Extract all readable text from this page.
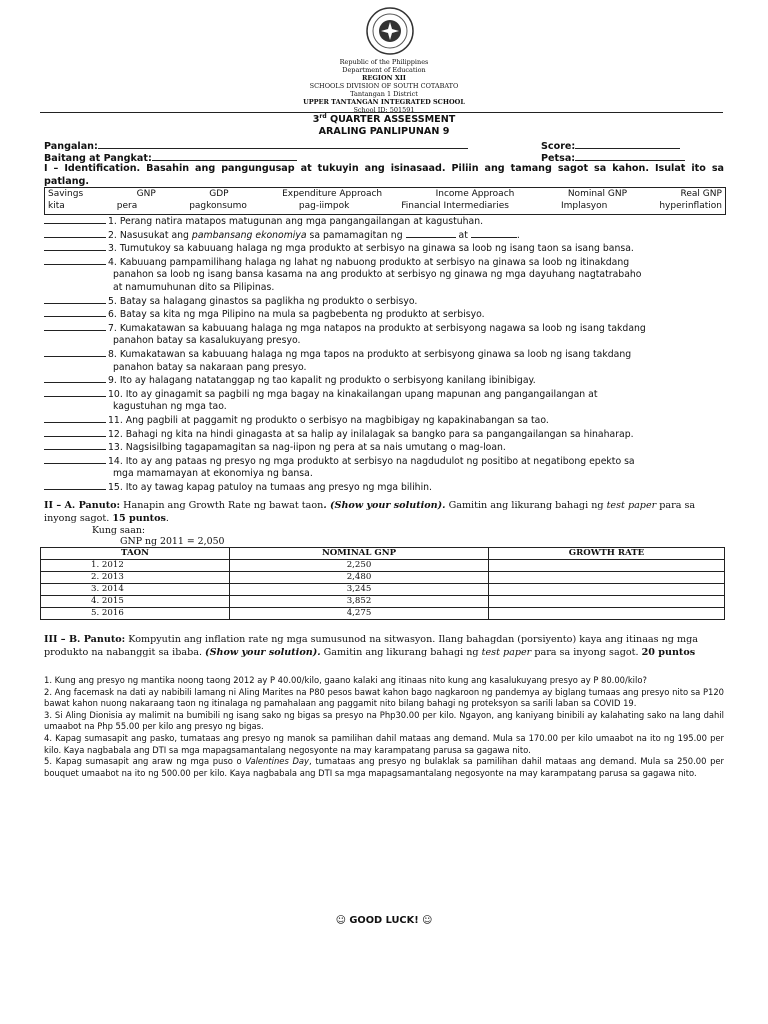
Republic of the Philippines
Department of Education
REGION XII
SCHOOLS DIVISION OF SOUTH COTABATO
Tantangan 1 District
UPPER TANTANGAN INTEGRATED SCHOOL
School ID: 501591
3rd QUARTER ASSESSMENT
ARALING PANLIPUNAN 9
Pangalan:	Score:
Baitang at Pangkat:	Petsa:
I – Identification. Basahin ang pangungusap at tukuyin ang isinasaad. Piliin ang tamang sagot sa kahon. Isulat ito sa patlang.
Savings	GNP	GDP	Expenditure Approach	Income Approach	Nominal GNP	Real GNP
kita	pera	pagkonsumo	pag-iimpok	Financial Intermediaries	Implasyon	hyperinflation
1. Perang natira matapos matugunan ang mga pangangailangan at kagustuhan.
2. Nasusukat ang pambansang ekonomiya sa pamamagitan ng	at	.
3. Tumutukoy sa kabuuang halaga ng mga produkto at serbisyo na ginawa sa loob ng isang taon sa isang bansa.
4. Kabuuang pampamilihang halaga ng lahat ng nabuong produkto at serbisyo na ginawa sa loob ng itinakdang
panahon sa loob ng isang bansa kasama na ang produkto at serbisyo ng ginawa ng mga dayuhang nagtatrabaho
at namumuhunan dito sa Pilipinas.
5. Batay sa halagang ginastos sa paglikha ng produkto o serbisyo.
6. Batay sa kita ng mga Pilipino na mula sa pagbebenta ng produkto at serbisyo.
7. Kumakatawan sa kabuuang halaga ng mga natapos na produkto at serbisyong nagawa sa loob ng isang takdang
panahon batay sa kasalukuyang presyo.
8. Kumakatawan sa kabuuang halaga ng mga tapos na produkto at serbisyong ginawa sa loob ng isang takdang
panahon batay sa nakaraan pang presyo.
9. Ito ay halagang natatanggap ng tao kapalit ng produkto o serbisyong kanilang ibinibigay.
10. Ito ay ginagamit sa pagbili ng mga bagay na kinakailangan upang mapunan ang pangangailangan at
kagustuhan ng mga tao.
11. Ang pagbili at paggamit ng produkto o serbisyo na magbibigay ng kapakinabangan sa tao.
12. Bahagi ng kita na hindi ginagasta at sa halip ay inilalagak sa bangko para sa pangangailangan sa hinaharap.
13. Nagsisilbing tagapamagitan sa nag-iipon ng pera at sa nais umutang o mag-loan.
14. Ito ay ang pataas ng presyo ng mga produkto at serbisyo na nagdudulot ng positibo at negatibong epekto sa
mga mamamayan at ekonomiya ng bansa.
15. Ito ay tawag kapag patuloy na tumaas ang presyo ng mga bilihin.
II – A. Panuto: Hanapin ang Growth Rate ng bawat taon. (Show your solution). Gamitin ang likurang bahagi ng test paper para sa inyong sagot. 15 puntos.
Kung saan:
GNP ng 2011 = 2,050
TAON	NOMINAL GNP	GROWTH RATE
1. 2012	2,250	
2. 2013	2,480	
3. 2014	3,245	
4. 2015	3,852	
5. 2016	4,275	
III – B. Panuto: Kompyutin ang inflation rate ng mga sumusunod na sitwasyon. Ilang bahagdan (porsiyento) kaya ang itinaas ng mga produkto na nabanggit sa ibaba. (Show your solution). Gamitin ang likurang bahagi ng test paper para sa inyong sagot. 20 puntos
1. Kung ang presyo ng mantika noong taong 2012 ay P 40.00/kilo, gaano kalaki ang itinaas nito kung ang kasalukuyang presyo ay P 80.00/kilo?
2. Ang facemask na dati ay nabibili lamang ni Aling Marites na P80 pesos bawat kahon bago nagkaroon ng pandemya ay biglang tumaas ang presyo nito sa P120 bawat kahon nuong nakaraang taon ng itinalaga ng pamahalaan ang paggamit nito bilang bahagi ng proteksyon sa sarili laban sa COVID 19.
3. Si Aling Dionisia ay malimit na bumibili ng isang sako ng bigas sa presyo na Php30.00 per kilo. Ngayon, ang kaniyang binibili ay kalahating sako na lang dahil umaabot na Php 55.00 per kilo ang presyo ng bigas.
4. Kapag sumasapit ang pasko, tumataas ang presyo ng manok sa pamilihan dahil mataas ang demand. Mula sa 170.00 per kilo umaabot na ito ng 195.00 per kilo. Kaya nagbabala ang DTI sa mga mapagsamantalang negosyonte na may karampatang parusa sa gagawa nito.
5. Kapag sumasapit ang araw ng mga puso o Valentines Day, tumataas ang presyo ng bulaklak sa pamilihan dahil mataas ang demand. Mula sa 250.00 per bouquet umaabot na ito ng 500.00 per kilo. Kaya nagbabala ang DTI sa mga mapagsamantalang negosyonte na may karampatang parusa sa gagawa nito.
☺ GOOD LUCK! ☺
